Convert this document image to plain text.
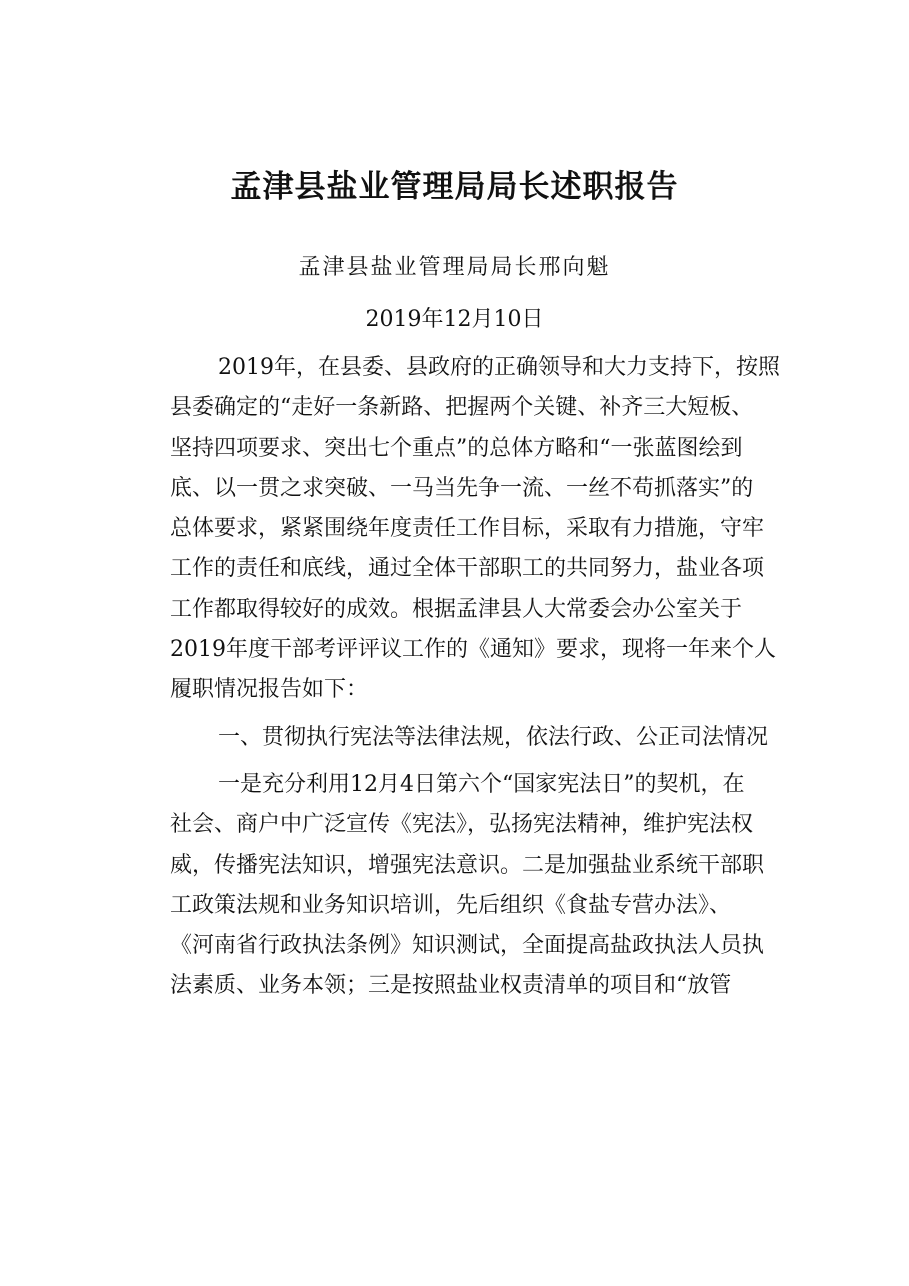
孟津县盐业管理局局长述职报告
孟津县盐业管理局局长邢向魁
2019年12月10日
2019年，在县委、县政府的正确领导和大力支持下，按照
县委确定的“走好一条新路、把握两个关键、补齐三大短板、
坚持四项要求、突出七个重点”的总体方略和“一张蓝图绘到
底、以一贯之求突破、一马当先争一流、一丝不苟抓落实”的
总体要求，紧紧围绕年度责任工作目标，采取有力措施，守牢
工作的责任和底线，通过全体干部职工的共同努力，盐业各项
工作都取得较好的成效。根据孟津县人大常委会办公室关于
2019年度干部考评评议工作的《通知》要求，现将一年来个人
履职情况报告如下：
一、贯彻执行宪法等法律法规，依法行政、公正司法情况
一是充分利用12月4日第六个“国家宪法日”的契机，在
社会、商户中广泛宣传《宪法》，弘扬宪法精神，维护宪法权
威，传播宪法知识，增强宪法意识。二是加强盐业系统干部职
工政策法规和业务知识培训，先后组织《食盐专营办法》、
《河南省行政执法条例》知识测试，全面提高盐政执法人员执
法素质、业务本领；三是按照盐业权责清单的项目和“放管
